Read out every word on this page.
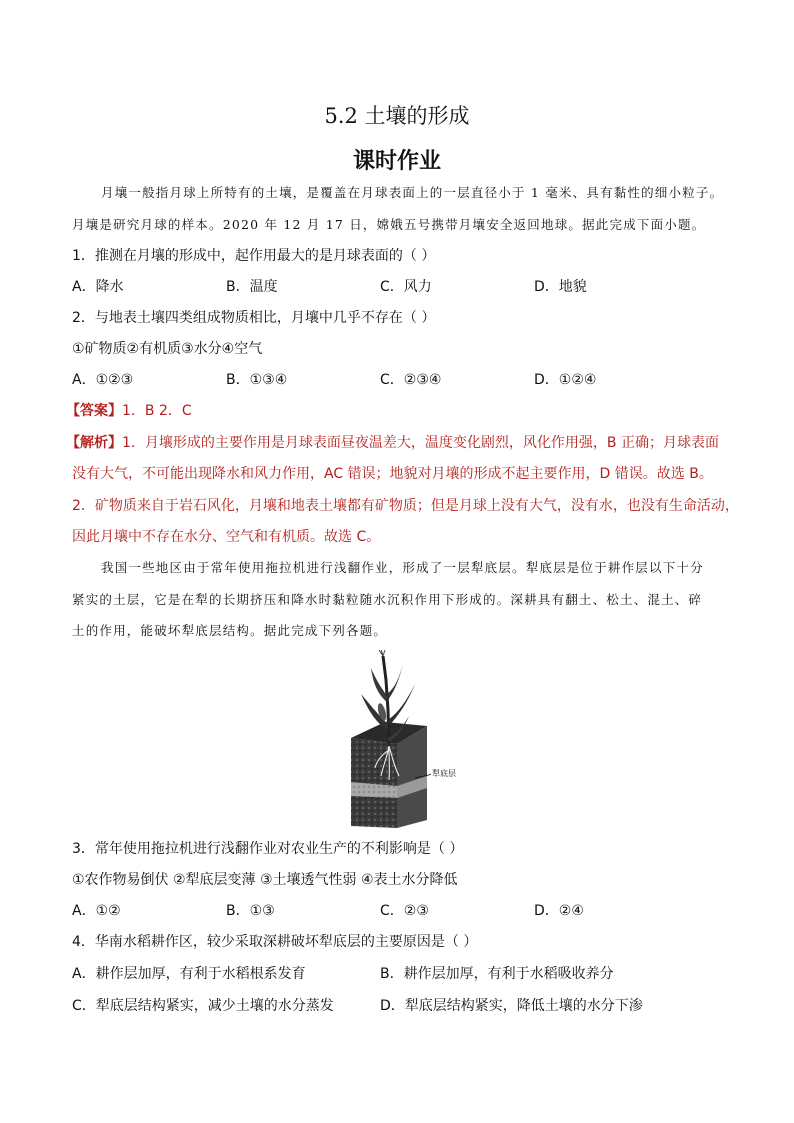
5.2 土壤的形成
课时作业
月壤一般指月球上所特有的土壤，是覆盖在月球表面上的一层直径小于 1 毫米、具有黏性的细小粒子。
月壤是研究月球的样本。2020 年 12 月 17 日，嫦娥五号携带月壤安全返回地球。据此完成下面小题。
1．推测在月壤的形成中，起作用最大的是月球表面的（ ）
A．降水	B．温度	C．风力	D．地貌
2．与地表土壤四类组成物质相比，月壤中几乎不存在（ ）
①矿物质②有机质③水分④空气
A．①②③	B．①③④	C．②③④	D．①②④
【答案】1．B 2．C
【解析】1．月壤形成的主要作用是月球表面昼夜温差大，温度变化剧烈，风化作用强，B 正确；月球表面
没有大气，不可能出现降水和风力作用，AC 错误；地貌对月壤的形成不起主要作用，D 错误。故选 B。
2．矿物质来自于岩石风化，月壤和地表土壤都有矿物质；但是月球上没有大气，没有水，也没有生命活动，
因此月壤中不存在水分、空气和有机质。故选 C。
我国一些地区由于常年使用拖拉机进行浅翻作业，形成了一层犁底层。犁底层是位于耕作层以下十分
紧实的土层，它是在犁的长期挤压和降水时黏粒随水沉积作用下形成的。深耕具有翻土、松土、混土、碎
土的作用，能破坏犁底层结构。据此完成下列各题。
犁底层
3．常年使用拖拉机进行浅翻作业对农业生产的不利影响是（ ）
①农作物易倒伏 ②犁底层变薄 ③土壤透气性弱 ④表土水分降低
A．①②	B．①③	C．②③	D．②④
4．华南水稻耕作区，较少采取深耕破坏犁底层的主要原因是（ ）
A．耕作层加厚，有利于水稻根系发育	B．耕作层加厚，有利于水稻吸收养分
C．犁底层结构紧实，减少土壤的水分蒸发	D．犁底层结构紧实，降低土壤的水分下渗
